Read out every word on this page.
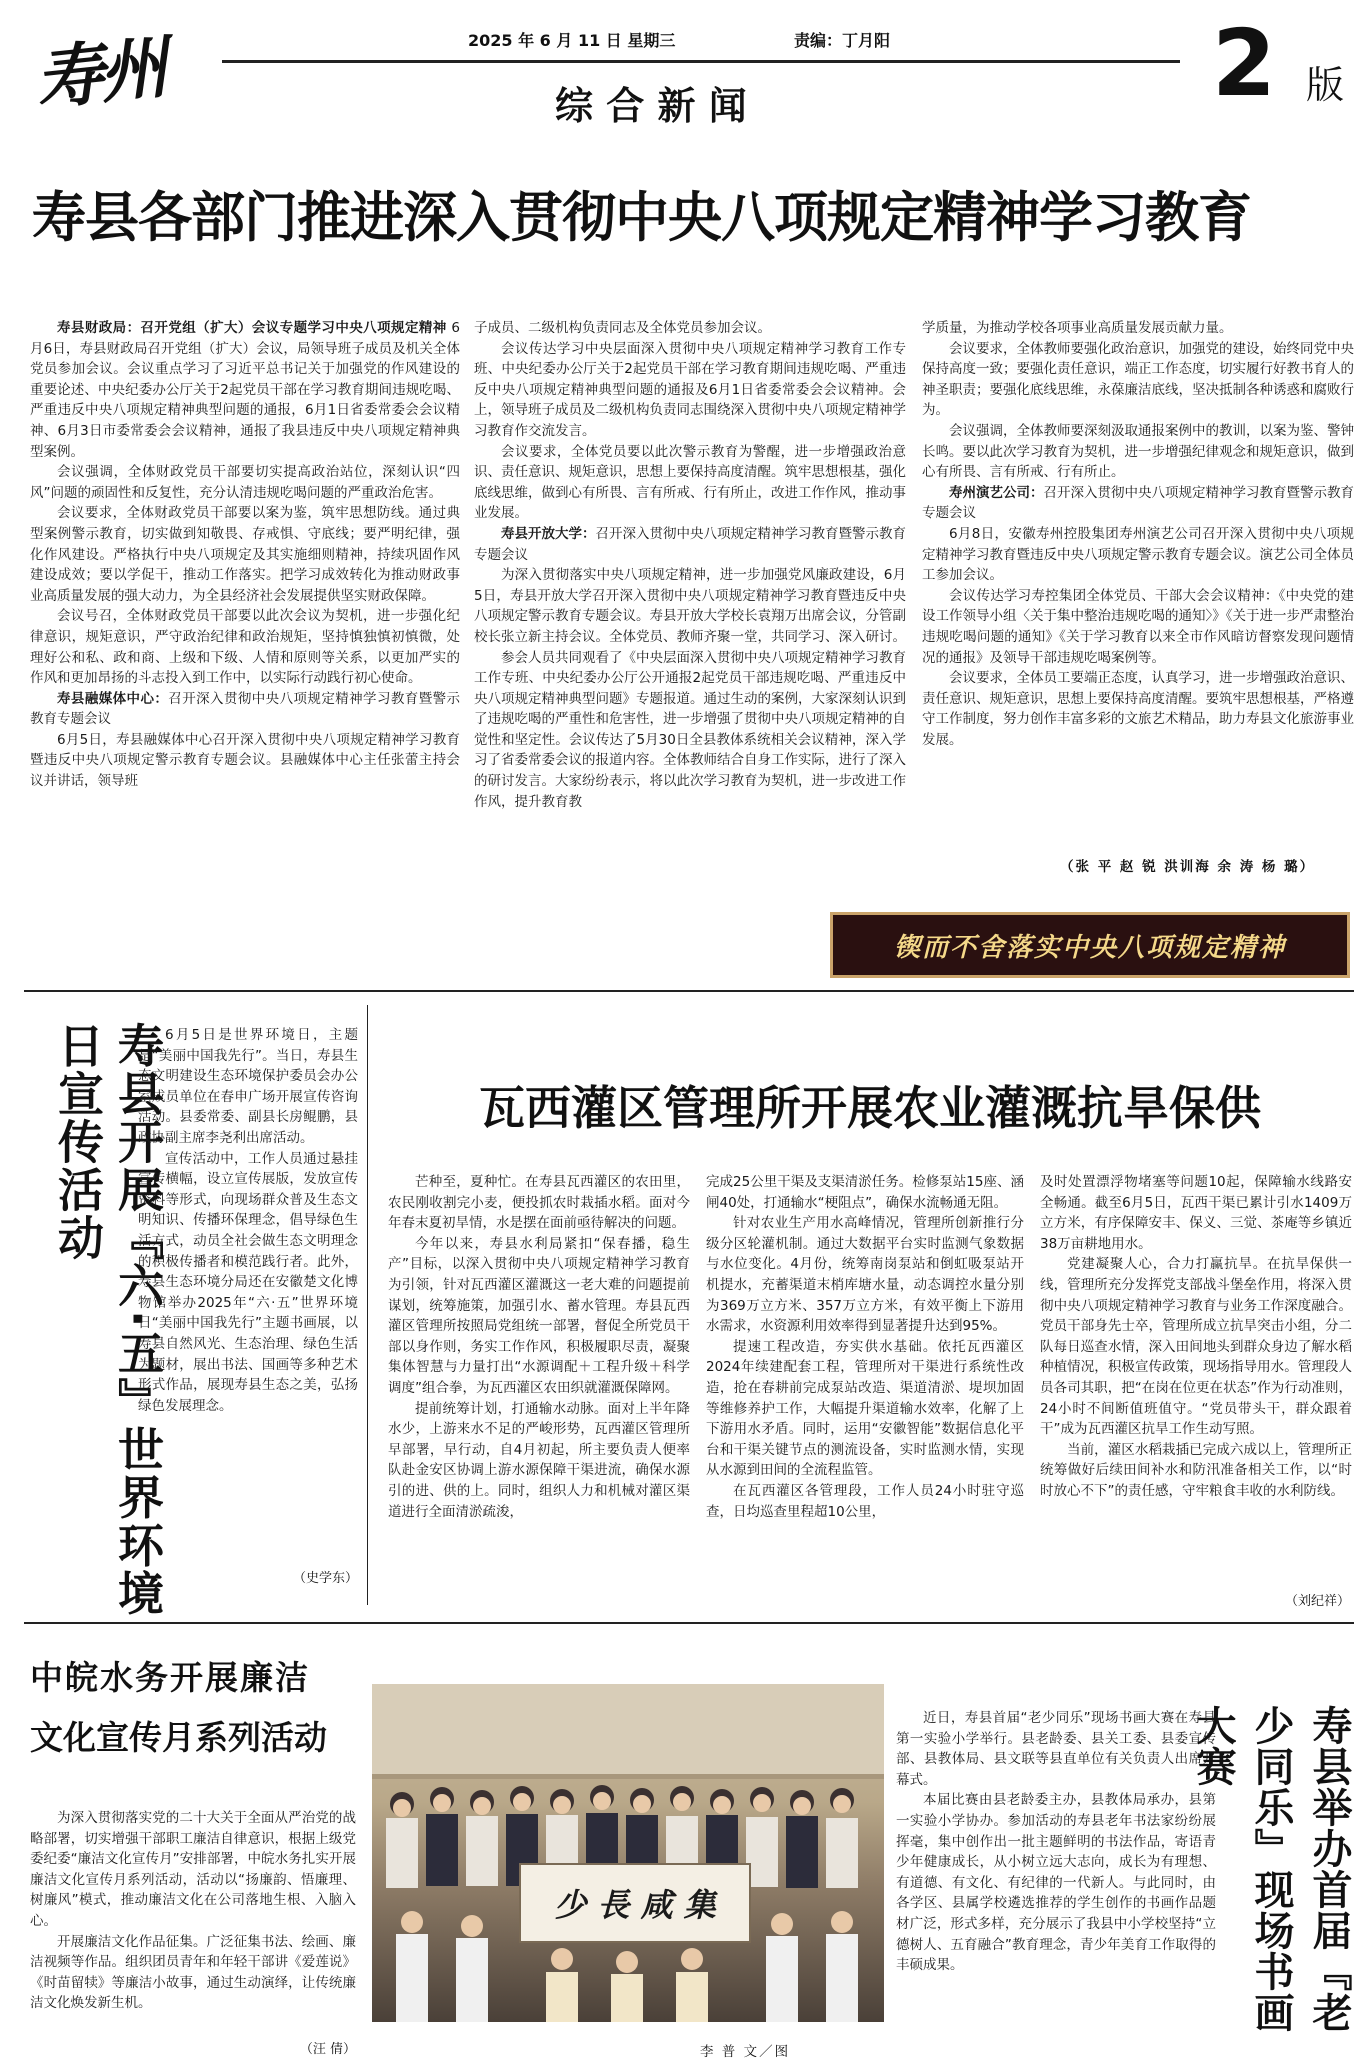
寿州	2025 年 6 月 11 日 星期三	责编：丁月阳
综 合 新 闻	2 版
寿县各部门推进深入贯彻中央八项规定精神学习教育

寿县财政局：召开党组（扩大）会议专题学习中央八项规定精神 6月6日，寿县财政局召开党组（扩大）会议，局领导班子成员及机关全体党员参加会议。会议重点学习了习近平总书记关于加强党的作风建设的重要论述、中央纪委办公厅关于2起党员干部在学习教育期间违规吃喝、严重违反中央八项规定精神典型问题的通报，6月1日省委常委会会议精神、6月3日市委常委会会议精神，通报了我县违反中央八项规定精神典型案例。

会议强调，全体财政党员干部要切实提高政治站位，深刻认识“四风”问题的顽固性和反复性，充分认清违规吃喝问题的严重政治危害。

会议要求，全体财政党员干部要以案为鉴，筑牢思想防线。通过典型案例警示教育，切实做到知敬畏、存戒惧、守底线；要严明纪律，强化作风建设。严格执行中央八项规定及其实施细则精神，持续巩固作风建设成效；要以学促干，推动工作落实。把学习成效转化为推动财政事业高质量发展的强大动力，为全县经济社会发展提供坚实财政保障。

会议号召，全体财政党员干部要以此次会议为契机，进一步强化纪律意识，规矩意识，严守政治纪律和政治规矩，坚持慎独慎初慎微，处理好公和私、政和商、上级和下级、人情和原则等关系，以更加严实的作风和更加昂扬的斗志投入到工作中，以实际行动践行初心使命。

寿县融媒体中心：召开深入贯彻中央八项规定精神学习教育暨警示教育专题会议

6月5日，寿县融媒体中心召开深入贯彻中央八项规定精神学习教育暨违反中央八项规定警示教育专题会议。县融媒体中心主任张蕾主持会议并讲话，领导班

子成员、二级机构负责同志及全体党员参加会议。

会议传达学习中央层面深入贯彻中央八项规定精神学习教育工作专班、中央纪委办公厅关于2起党员干部在学习教育期间违规吃喝、严重违反中央八项规定精神典型问题的通报及6月1日省委常委会会议精神。会上，领导班子成员及二级机构负责同志围绕深入贯彻中央八项规定精神学习教育作交流发言。

会议要求，全体党员要以此次警示教育为警醒，进一步增强政治意识、责任意识、规矩意识，思想上要保持高度清醒。筑牢思想根基，强化底线思维，做到心有所畏、言有所戒、行有所止，改进工作作风，推动事业发展。

寿县开放大学：召开深入贯彻中央八项规定精神学习教育暨警示教育专题会议

为深入贯彻落实中央八项规定精神，进一步加强党风廉政建设，6月5日，寿县开放大学召开深入贯彻中央八项规定精神学习教育暨违反中央八项规定警示教育专题会议。寿县开放大学校长袁翔万出席会议，分管副校长张立新主持会议。全体党员、教师齐聚一堂，共同学习、深入研讨。

参会人员共同观看了《中央层面深入贯彻中央八项规定精神学习教育工作专班、中央纪委办公厅公开通报2起党员干部违规吃喝、严重违反中央八项规定精神典型问题》专题报道。通过生动的案例，大家深刻认识到了违规吃喝的严重性和危害性，进一步增强了贯彻中央八项规定精神的自觉性和坚定性。会议传达了5月30日全县教体系统相关会议精神，深入学习了省委常委会议的报道内容。全体教师结合自身工作实际，进行了深入的研讨发言。大家纷纷表示，将以此次学习教育为契机，进一步改进工作作风，提升教育教

学质量，为推动学校各项事业高质量发展贡献力量。

会议要求，全体教师要强化政治意识，加强党的建设，始终同党中央保持高度一致；要强化责任意识，端正工作态度，切实履行好教书育人的神圣职责；要强化底线思维，永葆廉洁底线，坚决抵制各种诱惑和腐败行为。

会议强调，全体教师要深刻汲取通报案例中的教训，以案为鉴、警钟长鸣。要以此次学习教育为契机，进一步增强纪律观念和规矩意识，做到心有所畏、言有所戒、行有所止。

寿州演艺公司：召开深入贯彻中央八项规定精神学习教育暨警示教育专题会议

6月8日，安徽寿州控股集团寿州演艺公司召开深入贯彻中央八项规定精神学习教育暨违反中央八项规定警示教育专题会议。演艺公司全体员工参加会议。

会议传达学习寿控集团全体党员、干部大会会议精神：《中央党的建设工作领导小组〈关于集中整治违规吃喝的通知〉》《关于进一步严肃整治违规吃喝问题的通知》《关于学习教育以来全市作风暗访督察发现问题情况的通报》及领导干部违规吃喝案例等。

会议要求，全体员工要端正态度，认真学习，进一步增强政治意识、责任意识、规矩意识，思想上要保持高度清醒。要筑牢思想根基，严格遵守工作制度，努力创作丰富多彩的文旅艺术精品，助力寿县文化旅游事业发展。

（张 平 赵 锐 洪训海 余 涛 杨 璐）
锲而不舍落实中央八项规定精神
寿县开展『六·五』世界环境日宣传活动	6月5日是世界环境日，主题是“美丽中国我先行”。当日，寿县生态文明建设生态环境保护委员会办公室成员单位在春申广场开展宣传咨询活动。县委常委、副县长房鲲鹏，县政协副主席李尧利出席活动。

宣传活动中，工作人员通过悬挂宣传横幅，设立宣传展版，发放宣传资料等形式，向现场群众普及生态文明知识、传播环保理念，倡导绿色生活方式，动员全社会做生态文明理念的积极传播者和模范践行者。此外，寿县生态环境分局还在安徽楚文化博物馆举办2025年“六·五”世界环境日“美丽中国我先行”主题书画展，以寿县自然风光、生态治理、绿色生活为题材，展出书法、国画等多种艺术形式作品，展现寿县生态之美，弘扬绿色发展理念。

（史学东）
瓦西灌区管理所开展农业灌溉抗旱保供

芒种至，夏种忙。在寿县瓦西灌区的农田里，农民刚收割完小麦，便投抓农时栽插水稻。面对今年春末夏初旱情，水是摆在面前亟待解决的问题。

今年以来，寿县水利局紧扣“保春播，稳生产”目标，以深入贯彻中央八项规定精神学习教育为引领，针对瓦西灌区灌溉这一老大难的问题提前谋划，统筹施策，加强引水、蓄水管理。寿县瓦西灌区管理所按照局党组统一部署，督促全所党员干部以身作则，务实工作作风，积极履职尽责，凝聚集体智慧与力量打出“水源调配＋工程升级＋科学调度”组合拳，为瓦西灌区农田织就灌溉保障网。

提前统筹计划，打通输水动脉。面对上半年降水少，上游来水不足的严峻形势，瓦西灌区管理所早部署，早行动，自4月初起，所主要负责人便率队赴金安区协调上游水源保障干渠进流，确保水源引的进、供的上。同时，组织人力和机械对灌区渠道进行全面清淤疏浚，

完成25公里干渠及支渠清淤任务。检修泵站15座、涵闸40处，打通输水“梗阻点”，确保水流畅通无阻。

针对农业生产用水高峰情况，管理所创新推行分级分区轮灌机制。通过大数据平台实时监测气象数据与水位变化。4月份，统筹南岗泵站和倒虹吸泵站开机提水，充蓄渠道末梢库塘水量，动态调控水量分别为369万立方米、357万立方米，有效平衡上下游用水需求，水资源利用效率得到显著提升达到95%。

提速工程改造，夯实供水基础。依托瓦西灌区2024年续建配套工程，管理所对干渠进行系统性改造，抢在春耕前完成泵站改造、渠道清淤、堤坝加固等维修养护工作，大幅提升渠道输水效率，化解了上下游用水矛盾。同时，运用“安徽智能”数据信息化平台和干渠关键节点的测流设备，实时监测水情，实现从水源到田间的全流程监管。

在瓦西灌区各管理段，工作人员24小时驻守巡查，日均巡查里程超10公里，

及时处置漂浮物堵塞等问题10起，保障输水线路安全畅通。截至6月5日，瓦西干渠已累计引水1409万立方米，有序保障安丰、保义、三觉、茶庵等乡镇近38万亩耕地用水。

党建凝聚人心，合力打赢抗旱。在抗旱保供一线，管理所充分发挥党支部战斗堡垒作用，将深入贯彻中央八项规定精神学习教育与业务工作深度融合。党员干部身先士卒，管理所成立抗旱突击小组，分二队每日巡查水情，深入田间地头到群众身边了解水稻种植情况，积极宣传政策，现场指导用水。管理段人员各司其职，把“在岗在位更在状态”作为行动准则，24小时不间断值班值守。“党员带头干，群众跟着干”成为瓦西灌区抗旱工作生动写照。

当前，灌区水稻栽插已完成六成以上，管理所正统筹做好后续田间补水和防汛准备相关工作，以“时时放心不下”的责任感，守牢粮食丰收的水利防线。

（刘纪祥）
中皖水务开展廉洁
文化宣传月系列活动

为深入贯彻落实党的二十大关于全面从严治党的战略部署，切实增强干部职工廉洁自律意识，根据上级党委纪委“廉洁文化宣传月”安排部署，中皖水务扎实开展廉洁文化宣传月系列活动，活动以“扬廉韵、悟廉理、树廉风”模式，推动廉洁文化在公司落地生根、入脑入心。

开展廉洁文化作品征集。广泛征集书法、绘画、廉洁视频等作品。组织团员青年和年轻干部讲《爱莲说》《时苗留犊》等廉洁小故事，通过生动演绎，让传统廉洁文化焕发新生机。

（汪 倩）
少 長 咸 集
李 普 文／图

近日，寿县首届“老少同乐”现场书画大赛在寿县第一实验小学举行。县老龄委、县关工委、县委宣传部、县教体局、县文联等县直单位有关负责人出席开幕式。

本届比赛由县老龄委主办，县教体局承办，县第一实验小学协办。参加活动的寿县老年书法家纷纷展挥毫，集中创作出一批主题鲜明的书法作品，寄语青少年健康成长，从小树立远大志向，成长为有理想、有道德、有文化、有纪律的一代新人。与此同时，由各学区、县属学校遴选推荐的学生创作的书画作品题材广泛，形式多样，充分展示了我县中小学校坚持“立德树人、五育融合”教育理念，青少年美育工作取得的丰硕成果。	寿县举办首届『老少同乐』现场书画大赛
